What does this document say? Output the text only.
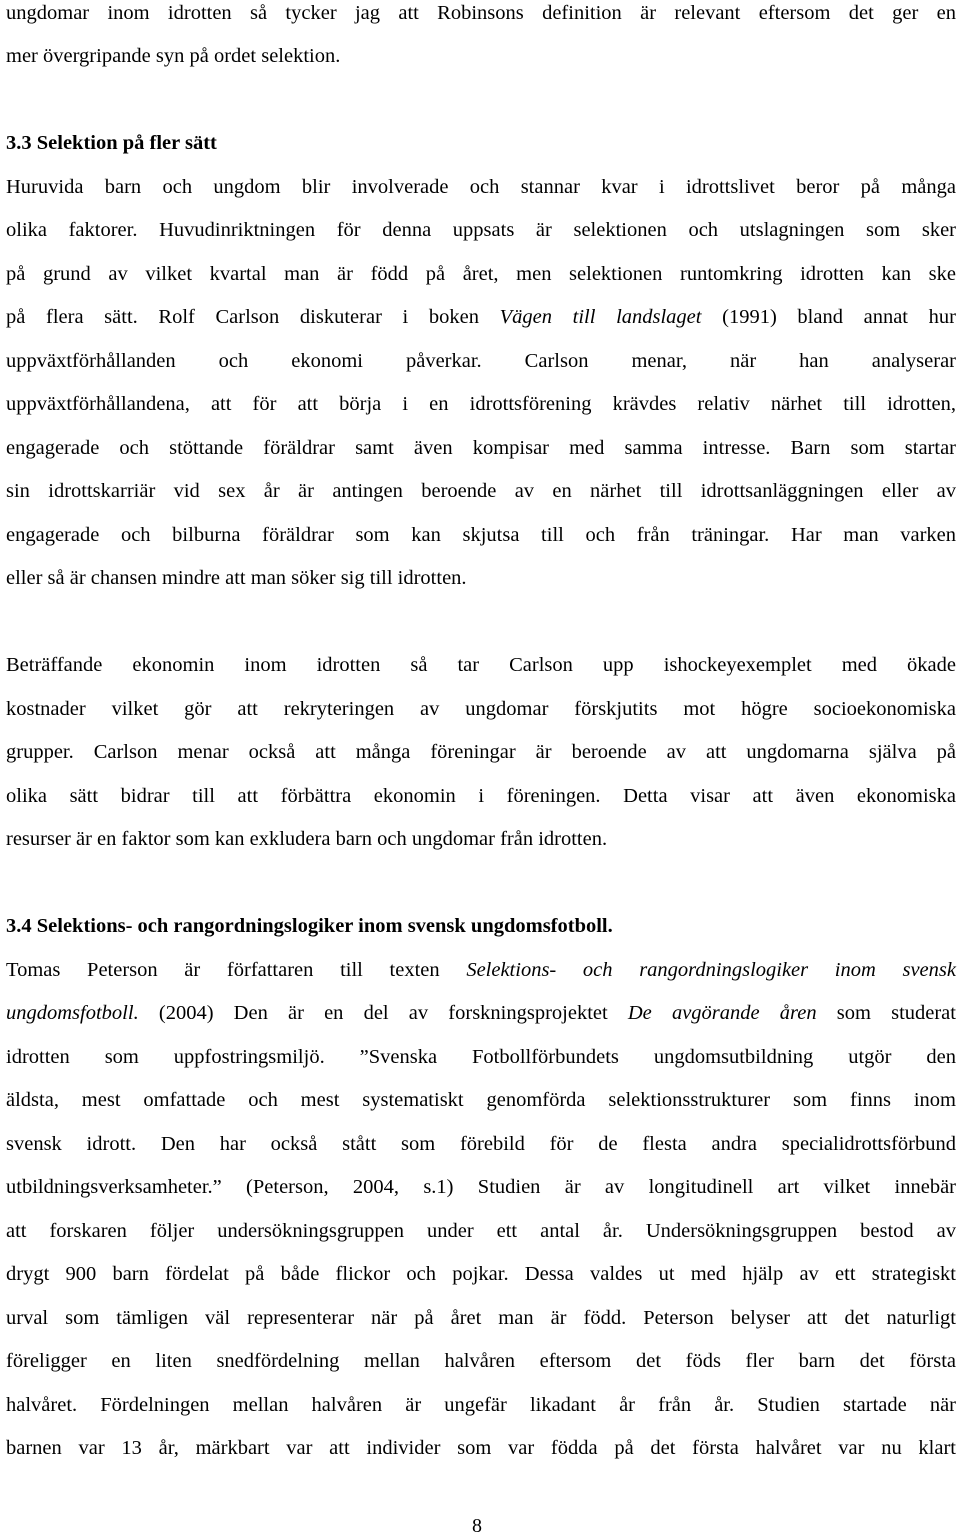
ungdomar inom idrotten så tycker jag att Robinsons definition är relevant eftersom det ger en
mer övergripande syn på ordet selektion.
3.3 Selektion på fler sätt
Huruvida barn och ungdom blir involverade och stannar kvar i idrottslivet beror på många
olika faktorer. Huvudinriktningen för denna uppsats är selektionen och utslagningen som sker
på grund av vilket kvartal man är född på året, men selektionen runtomkring idrotten kan ske
på flera sätt. Rolf Carlson diskuterar i boken Vägen till landslaget (1991) bland annat hur
uppväxtförhållanden och ekonomi påverkar. Carlson menar, när han analyserar
uppväxtförhållandena, att för att börja i en idrottsförening krävdes relativ närhet till idrotten,
engagerade och stöttande föräldrar samt även kompisar med samma intresse. Barn som startar
sin idrottskarriär vid sex år är antingen beroende av en närhet till idrottsanläggningen eller av
engagerade och bilburna föräldrar som kan skjutsa till och från träningar. Har man varken
eller så är chansen mindre att man söker sig till idrotten.
Beträffande ekonomin inom idrotten så tar Carlson upp ishockeyexemplet med ökade
kostnader vilket gör att rekryteringen av ungdomar förskjutits mot högre socioekonomiska
grupper. Carlson menar också att många föreningar är beroende av att ungdomarna själva på
olika sätt bidrar till att förbättra ekonomin i föreningen. Detta visar att även ekonomiska
resurser är en faktor som kan exkludera barn och ungdomar från idrotten.
3.4 Selektions- och rangordningslogiker inom svensk ungdomsfotboll.
Tomas Peterson är författaren till texten Selektions- och rangordningslogiker inom svensk
ungdomsfotboll. (2004) Den är en del av forskningsprojektet De avgörande åren som studerat
idrotten som uppfostringsmiljö. ”Svenska Fotbollförbundets ungdomsutbildning utgör den
äldsta, mest omfattade och mest systematiskt genomförda selektionsstrukturer som finns inom
svensk idrott. Den har också stått som förebild för de flesta andra specialidrottsförbund
utbildningsverksamheter.” (Peterson, 2004, s.1) Studien är av longitudinell art vilket innebär
att forskaren följer undersökningsgruppen under ett antal år. Undersökningsgruppen bestod av
drygt 900 barn fördelat på både flickor och pojkar. Dessa valdes ut med hjälp av ett strategiskt
urval som tämligen väl representerar när på året man är född. Peterson belyser att det naturligt
föreligger en liten snedfördelning mellan halvåren eftersom det föds fler barn det första
halvåret. Fördelningen mellan halvåren är ungefär likadant år från år. Studien startade när
barnen var 13 år, märkbart var att individer som var födda på det första halvåret var nu klart
8
